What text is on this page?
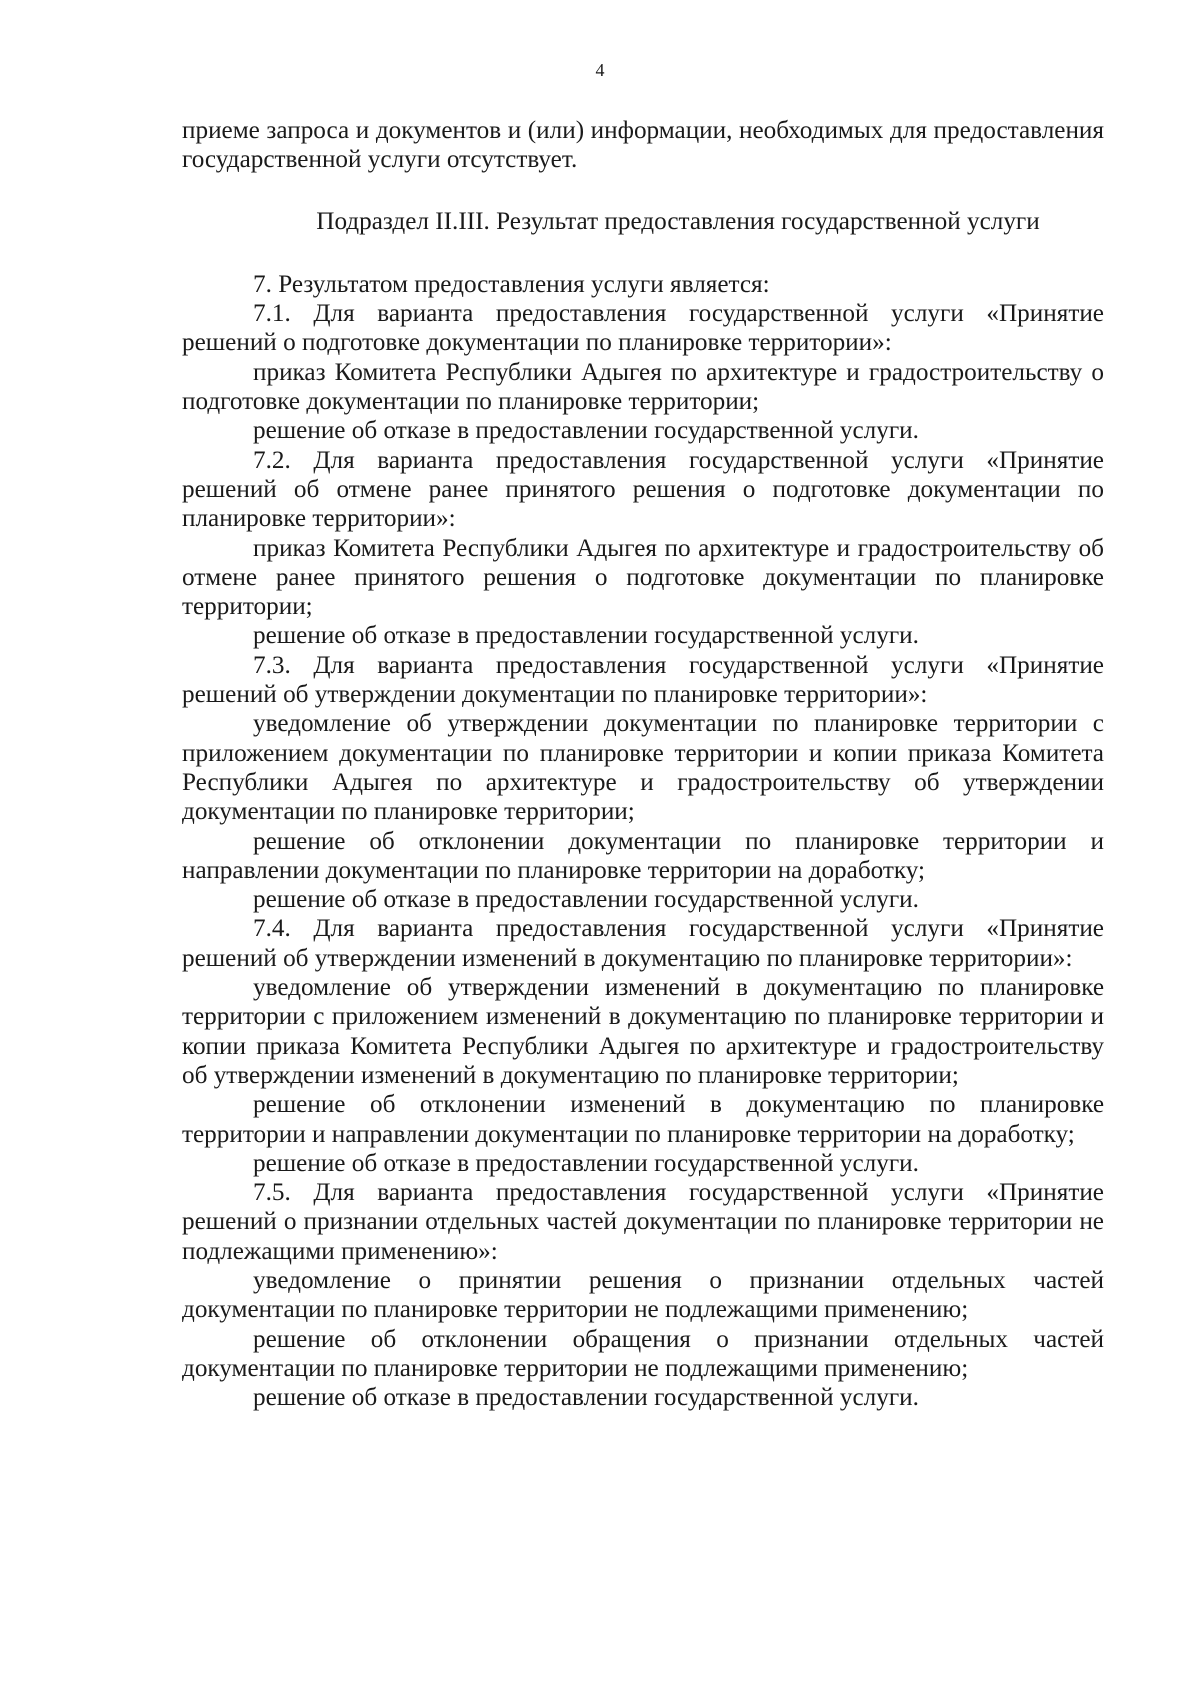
4

приеме запроса и документов и (или) информации, необходимых для предоставления государственной услуги отсутствует.

Подраздел II.III. Результат предоставления государственной услуги

7. Результатом предоставления услуги является:

7.1. Для варианта предоставления государственной услуги «Принятие решений о подготовке документации по планировке территории»:

приказ Комитета Республики Адыгея по архитектуре и градостроительству о подготовке документации по планировке территории;

решение об отказе в предоставлении государственной услуги.

7.2. Для варианта предоставления государственной услуги «Принятие решений об отмене ранее принятого решения о подготовке документации по планировке территории»:

приказ Комитета Республики Адыгея по архитектуре и градостроительству об отмене ранее принятого решения о подготовке документации по планировке территории;

решение об отказе в предоставлении государственной услуги.

7.3. Для варианта предоставления государственной услуги «Принятие решений об утверждении документации по планировке территории»:

уведомление об утверждении документации по планировке территории с приложением документации по планировке территории и копии приказа Комитета Республики Адыгея по архитектуре и градостроительству об утверждении документации по планировке территории;

решение об отклонении документации по планировке территории и направлении документации по планировке территории на доработку;

решение об отказе в предоставлении государственной услуги.

7.4. Для варианта предоставления государственной услуги «Принятие решений об утверждении изменений в документацию по планировке территории»:

уведомление об утверждении изменений в документацию по планировке территории с приложением изменений в документацию по планировке территории и копии приказа Комитета Республики Адыгея по архитектуре и градостроительству об утверждении изменений в документацию по планировке территории;

решение об отклонении изменений в документацию по планировке территории и направлении документации по планировке территории на доработку;

решение об отказе в предоставлении государственной услуги.

7.5. Для варианта предоставления государственной услуги «Принятие решений о признании отдельных частей документации по планировке территории не подлежащими применению»:

уведомление о принятии решения о признании отдельных частей документации по планировке территории не подлежащими применению;

решение об отклонении обращения о признании отдельных частей документации по планировке территории не подлежащими применению;

решение об отказе в предоставлении государственной услуги.
